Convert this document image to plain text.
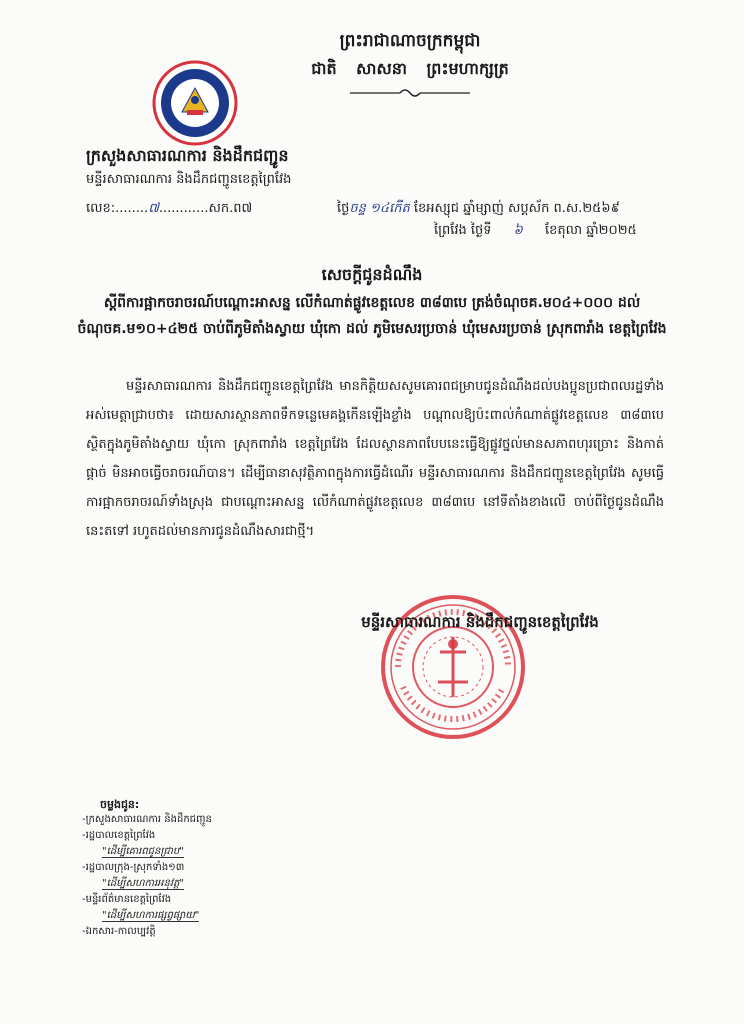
ព្រះរាជាណាចក្រកម្ពុជា
ជាតិ សាសនា ព្រះមហាក្សត្រ
ក្រសួងសាធារណការ និងដឹកជញ្ជូន
មន្ទីរសាធារណការ និងដឹកជញ្ជូនខេត្តព្រៃវែង
លេខ:........៧............សក.ព៧	ថ្ងៃចន្ទ ១៤កើត ខែអស្សុជ ឆ្នាំម្សាញ់ សប្តស័ក ព.ស.២៥៦៩
ព្រៃវែង ថ្ងៃទី ៦ ខែតុលា ឆ្នាំ២០២៥
សេចក្តីជូនដំណឹង
ស្តីពីការផ្អាកចរាចរណ៍បណ្តោះអាសន្ន លើកំណាត់ផ្លូវខេត្តលេខ ៣៨៣បេ ត្រង់ចំណុចគ.ម០៤+០០០ ដល់ចំណុចគ.ម១០+៤២៥ ចាប់ពីភូមិតាំងស្វាយ ឃុំកោ ដល់ ភូមិមេសរប្រចាន់ ឃុំមេសរប្រចាន់ ស្រុកពារាំង ខេត្តព្រៃវែង
មន្ទីរសាធារណការ និងដឹកជញ្ជូនខេត្តព្រៃវែង មានកិត្តិយសសូមគោរពជម្រាបជូនដំណឹងដល់បងប្អូនប្រជាពលរដ្ឋទាំងអស់មេត្តាជ្រាបថា៖ ដោយសារស្ថានភាពទឹកទន្លេមេគង្គកើនឡើងខ្លាំង បណ្តាលឱ្យប៉ះពាល់កំណាត់ផ្លូវខេត្តលេខ ៣៨៣បេ ស្ថិតក្នុងភូមិតាំងស្វាយ ឃុំកោ ស្រុកពារាំង ខេត្តព្រៃវែង ដែលស្ថានភាពបែបនេះធ្វើឱ្យផ្លូវថ្នល់មានសភាពហុរច្រោះ និងកាត់ផ្តាច់ មិនអាចធ្វើចរាចរណ៍បាន។ ដើម្បីធានាសុវត្ថិភាពក្នុងការធ្វើដំណើរ មន្ទីរសាធារណការ និងដឹកជញ្ជូនខេត្តព្រៃវែង សូមធ្វើការផ្អាកចរាចរណ៍ទាំងស្រុង ជាបណ្តោះអាសន្ន លើកំណាត់ផ្លូវខេត្តលេខ ៣៨៣បេ នៅទីតាំងខាងលើ ចាប់ពីថ្ងៃជូនដំណឹងនេះតទៅ រហូតដល់មានការជូនដំណឹងសារជាថ្មី។
មន្ទីរសាធារណការ និងដឹកជញ្ជូនខេត្តព្រៃវែង
ចម្លងជូន:
-ក្រសួងសាធារណការ និងដឹកជញ្ជូន
-រដ្ឋបាលខេត្តព្រៃវែង
"ដើម្បីគោរពជូនជ្រាប"
-រដ្ឋបាលក្រុង-ស្រុកទាំង១៣
"ដើម្បីសហការអនុវត្ត"
-មន្ទីរព័ត៌មានខេត្តព្រៃវែង
"ដើម្បីសហការផ្សព្វផ្សាយ"
-ឯកសារ-កាលប្បវត្តិ
